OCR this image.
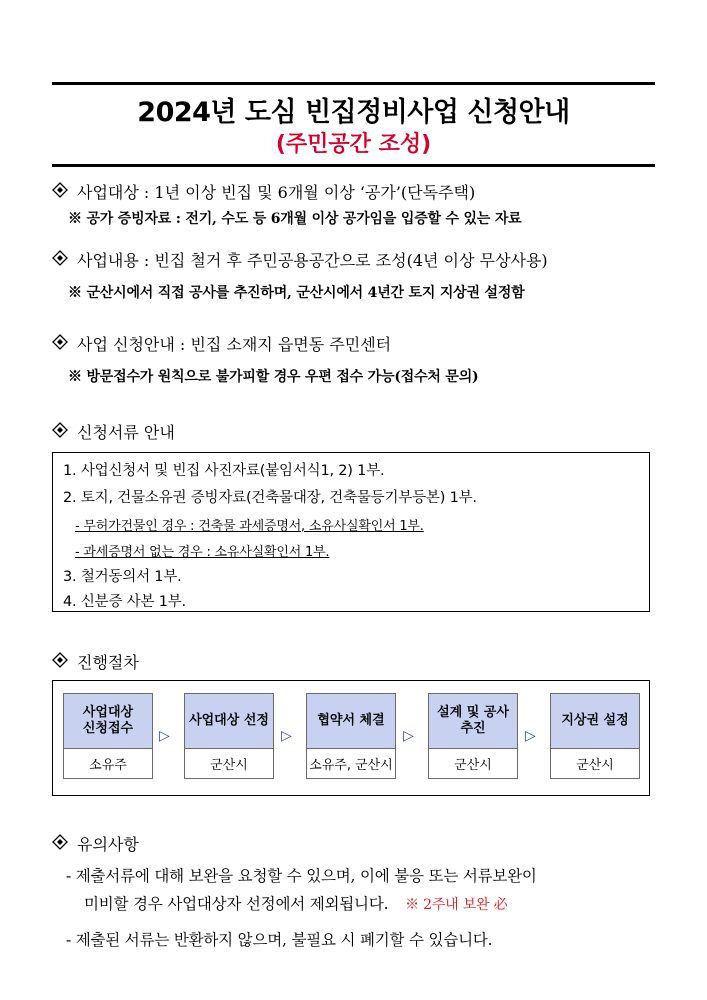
2024년 도심 빈집정비사업 신청안내
(주민공간 조성)
사업대상 : 1년 이상 빈집 및 6개월 이상 ‘공가’(단독주택)
※ 공가 증빙자료 : 전기, 수도 등 6개월 이상 공가임을 입증할 수 있는 자료
사업내용 : 빈집 철거 후 주민공용공간으로 조성(4년 이상 무상사용)
※ 군산시에서 직접 공사를 추진하며, 군산시에서 4년간 토지 지상권 설정함
사업 신청안내 : 빈집 소재지 읍면동 주민센터
※ 방문접수가 원칙으로 불가피할 경우 우편 접수 가능(접수처 문의)
신청서류 안내
1. 사업신청서 및 빈집 사진자료(붙임서식1, 2) 1부.
2. 토지, 건물소유권 증빙자료(건축물대장, 건축물등기부등본) 1부.
- 무허가건물인 경우 : 건축물 과세증명서, 소유사실확인서 1부.
- 과세증명서 없는 경우 : 소유사실확인서 1부.
3. 철거동의서 1부.
4. 신분증 사본 1부.
진행절차
사업대상
신청접수
소유주
▷
사업대상 선정
군산시
▷
협약서 체결
소유주, 군산시
▷
설계 및 공사
추진
군산시
▷
지상권 설정
군산시
유의사항
- 제출서류에 대해 보완을 요청할 수 있으며, 이에 불응 또는 서류보완이
미비할 경우 사업대상자 선정에서 제외됩니다. ※ 2주내 보완 必
- 제출된 서류는 반환하지 않으며, 불필요 시 폐기할 수 있습니다.
